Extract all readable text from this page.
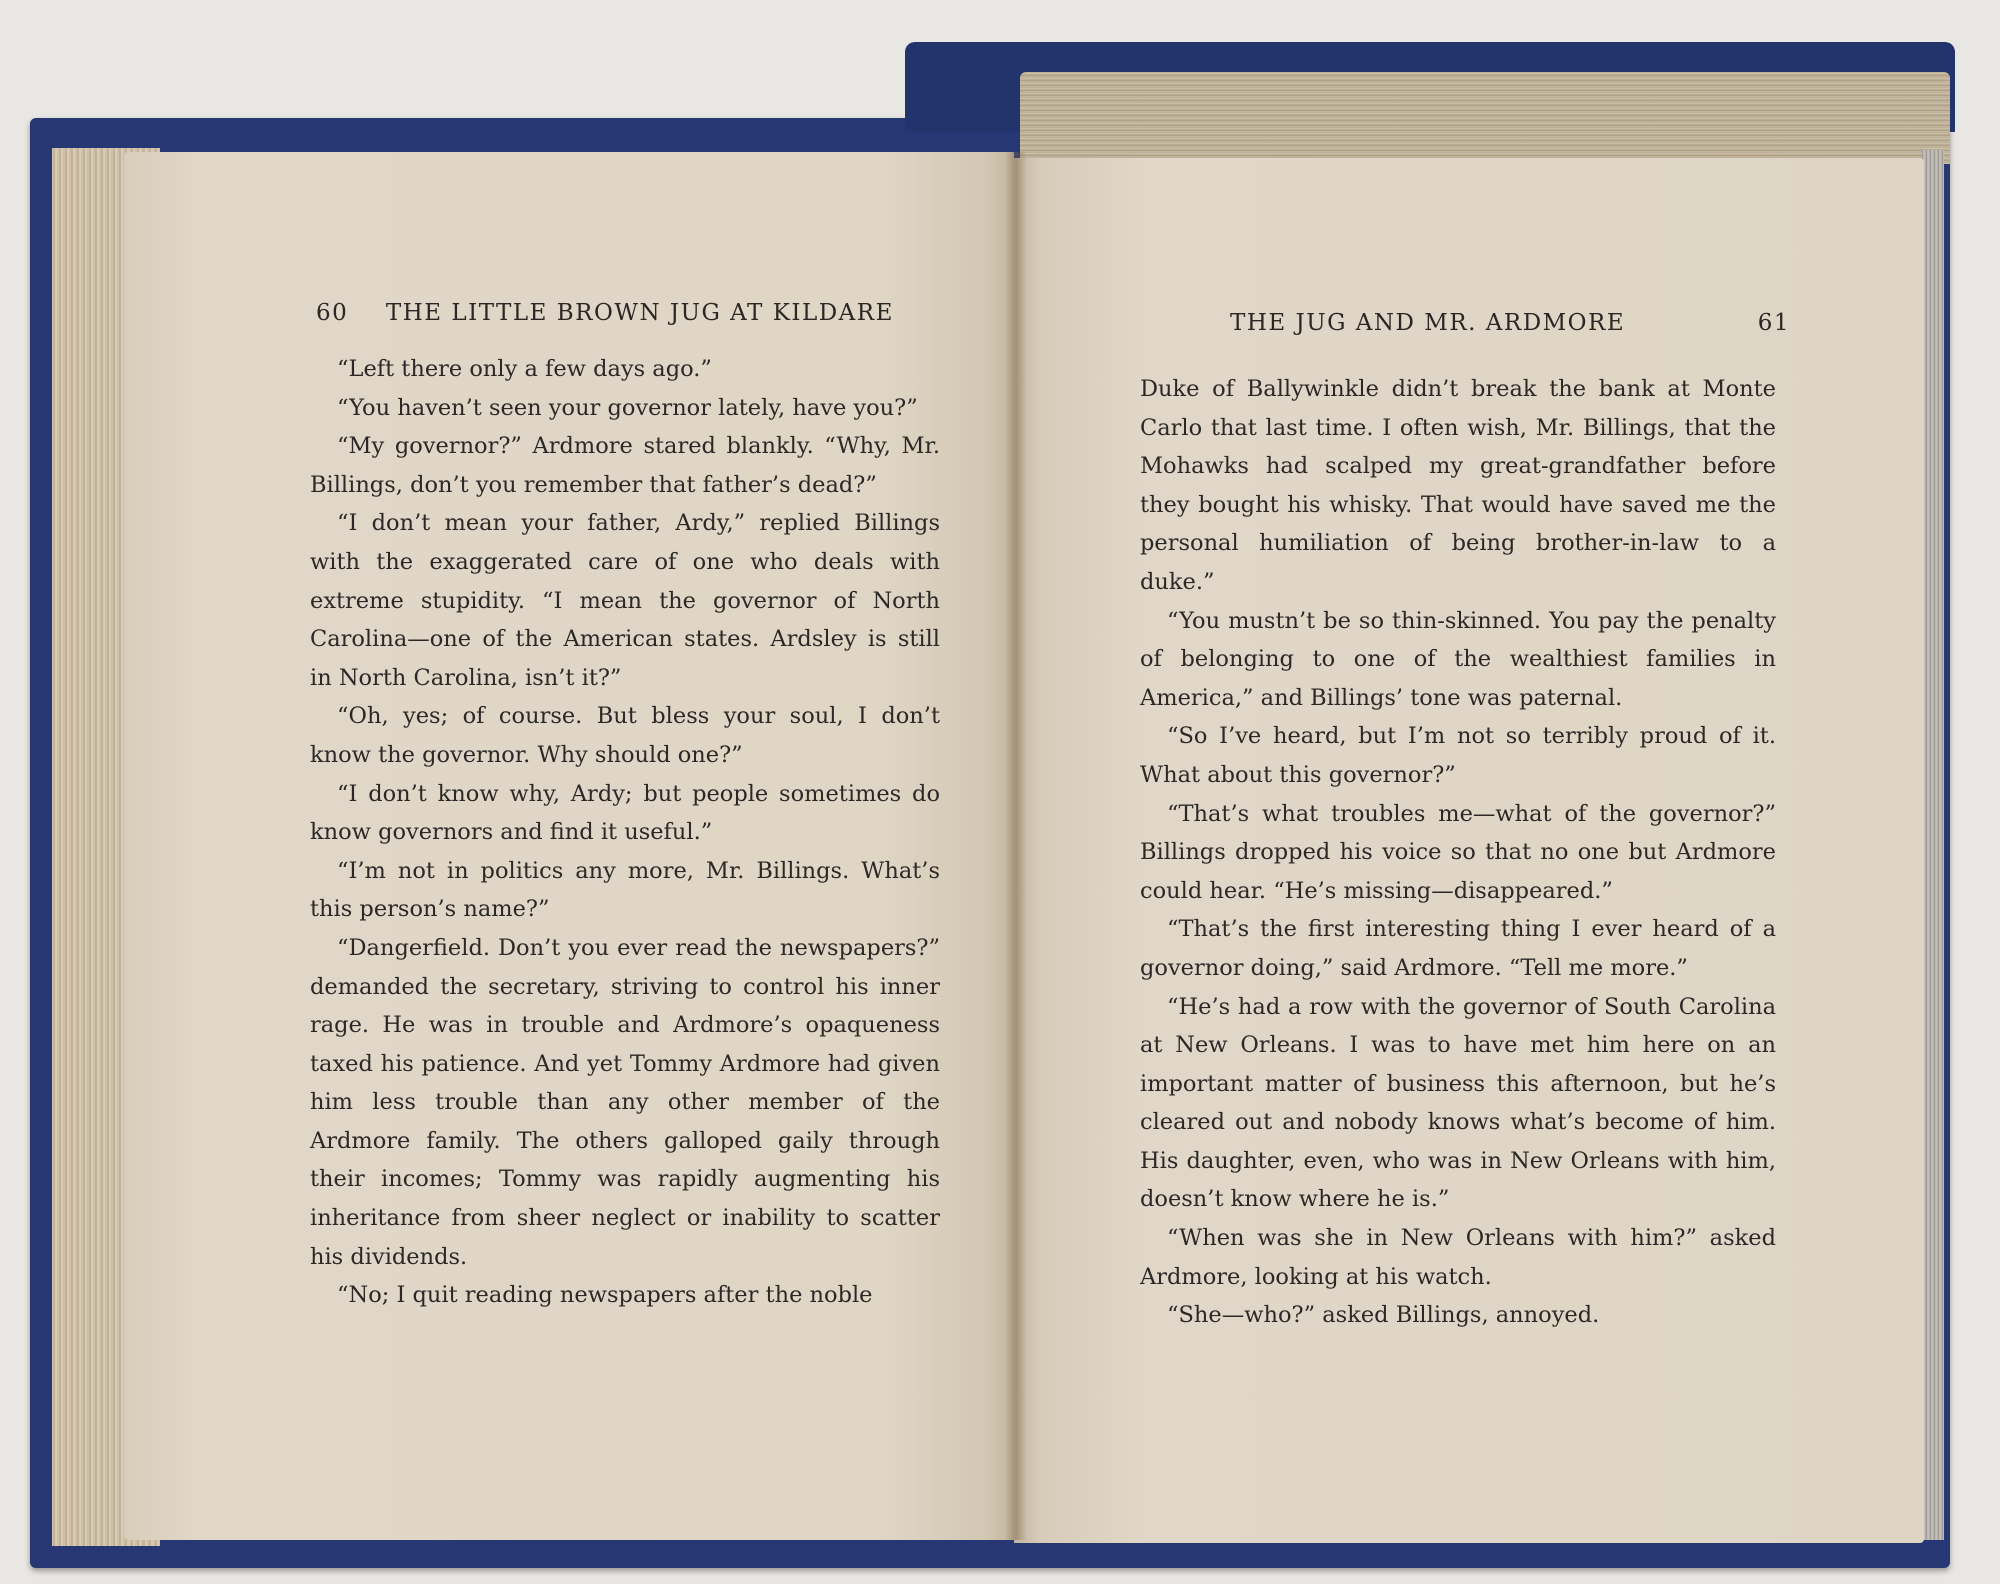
60 THE LITTLE BROWN JUG AT KILDARE

“Left there only a few days ago.”

“You haven’t seen your governor lately, have you?”

“My governor?” Ardmore stared blankly. “Why, Mr. Billings, don’t you remember that father’s dead?”

“I don’t mean your father, Ardy,” replied Billings with the exaggerated care of one who deals with extreme stupidity. “I mean the governor of North Carolina—one of the American states. Ardsley is still in North Carolina, isn’t it?”

“Oh, yes; of course. But bless your soul, I don’t know the governor. Why should one?”

“I don’t know why, Ardy; but people sometimes do know governors and find it useful.”

“I’m not in politics any more, Mr. Billings. What’s this person’s name?”

“Dangerfield. Don’t you ever read the newspapers?” demanded the secretary, striving to control his inner rage. He was in trouble and Ardmore’s opaqueness taxed his patience. And yet Tommy Ardmore had given him less trouble than any other member of the Ardmore family. The others galloped gaily through their incomes; Tommy was rapidly augmenting his inheritance from sheer neglect or inability to scatter his dividends.

“No; I quit reading newspapers after the noble

THE JUG AND MR. ARDMORE	61

Duke of Ballywinkle didn’t break the bank at Monte Carlo that last time. I often wish, Mr. Billings, that the Mohawks had scalped my great-grandfather before they bought his whisky. That would have saved me the personal humiliation of being brother-in-law to a duke.”

“You mustn’t be so thin-skinned. You pay the penalty of belonging to one of the wealthiest families in America,” and Billings’ tone was paternal.

“So I’ve heard, but I’m not so terribly proud of it. What about this governor?”

“That’s what troubles me—what of the governor?” Billings dropped his voice so that no one but Ardmore could hear. “He’s missing—disappeared.”

“That’s the first interesting thing I ever heard of a governor doing,” said Ardmore. “Tell me more.”

“He’s had a row with the governor of South Carolina at New Orleans. I was to have met him here on an important matter of business this afternoon, but he’s cleared out and nobody knows what’s become of him. His daughter, even, who was in New Orleans with him, doesn’t know where he is.”

“When was she in New Orleans with him?” asked Ardmore, looking at his watch.

“She—who?” asked Billings, annoyed.
